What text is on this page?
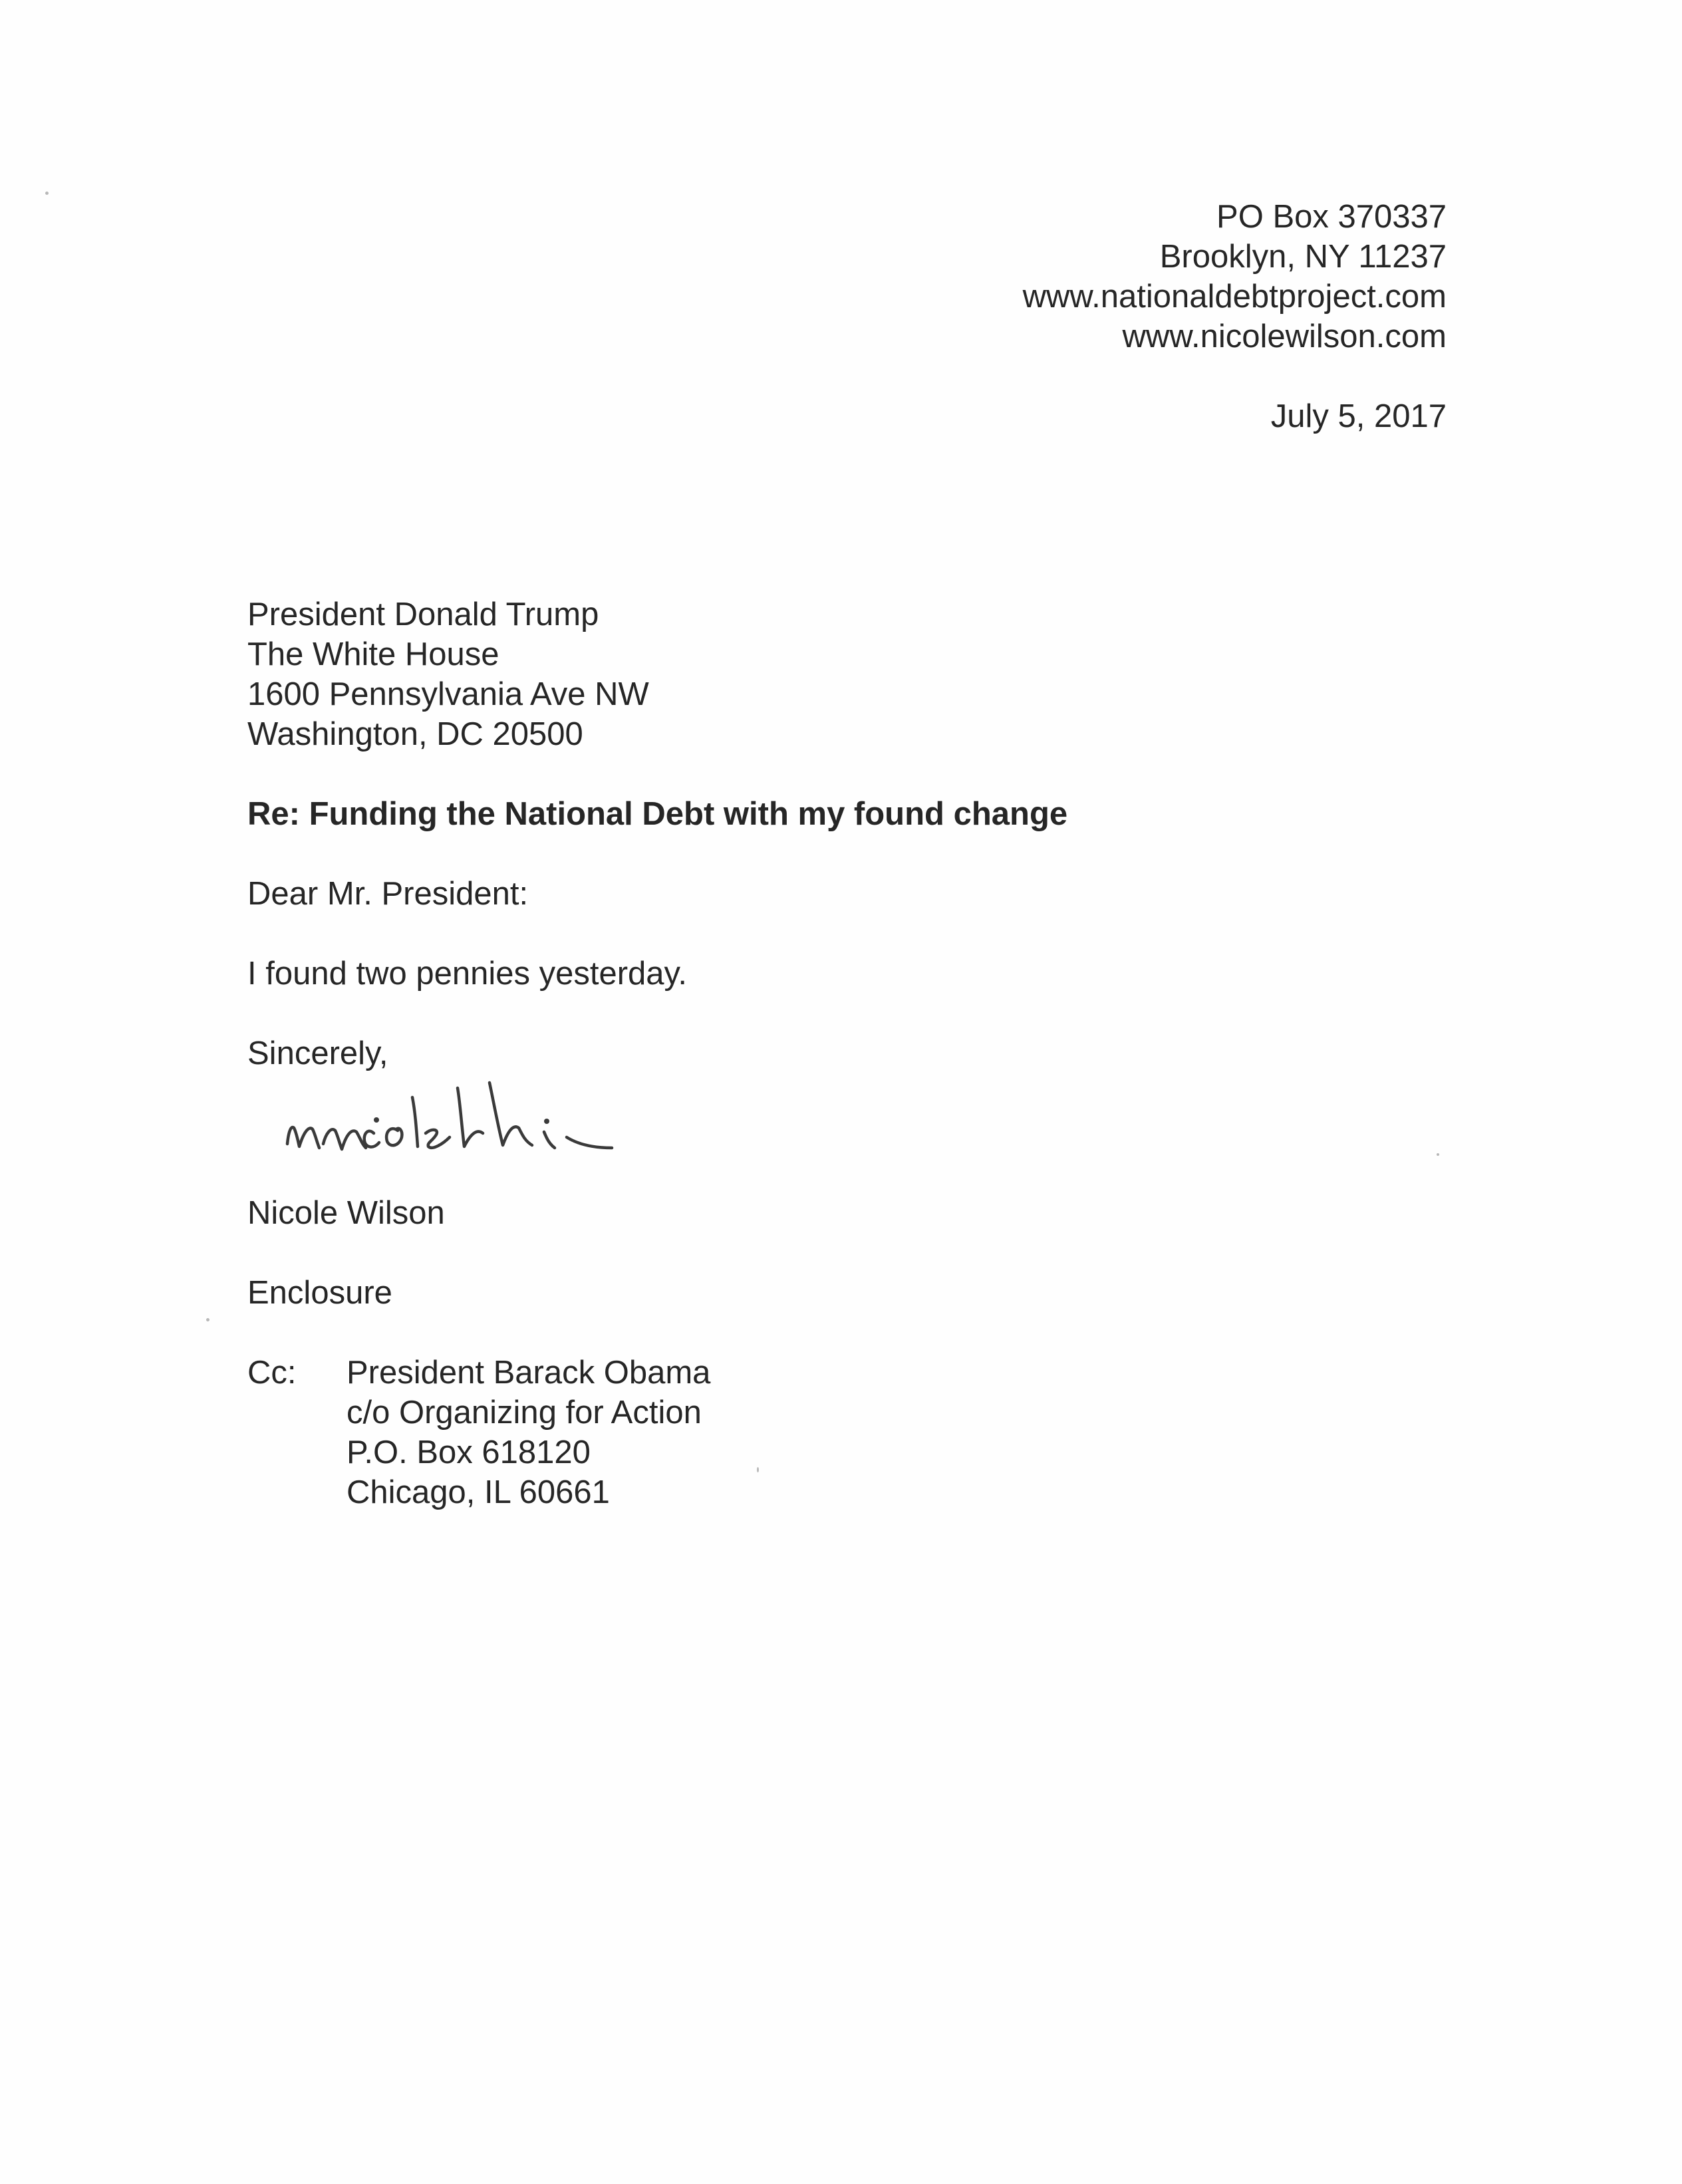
PO Box 370337
Brooklyn, NY 11237
www.nationaldebtproject.com
www.nicolewilson.com
July 5, 2017
President Donald Trump
The White House
1600 Pennsylvania Ave NW
Washington, DC 20500
Re: Funding the National Debt with my found change
Dear Mr. President:
I found two pennies yesterday.
Sincerely,
Nicole Wilson
Enclosure
Cc: President Barack Obama
c/o Organizing for Action
P.O. Box 618120
Chicago, IL 60661
